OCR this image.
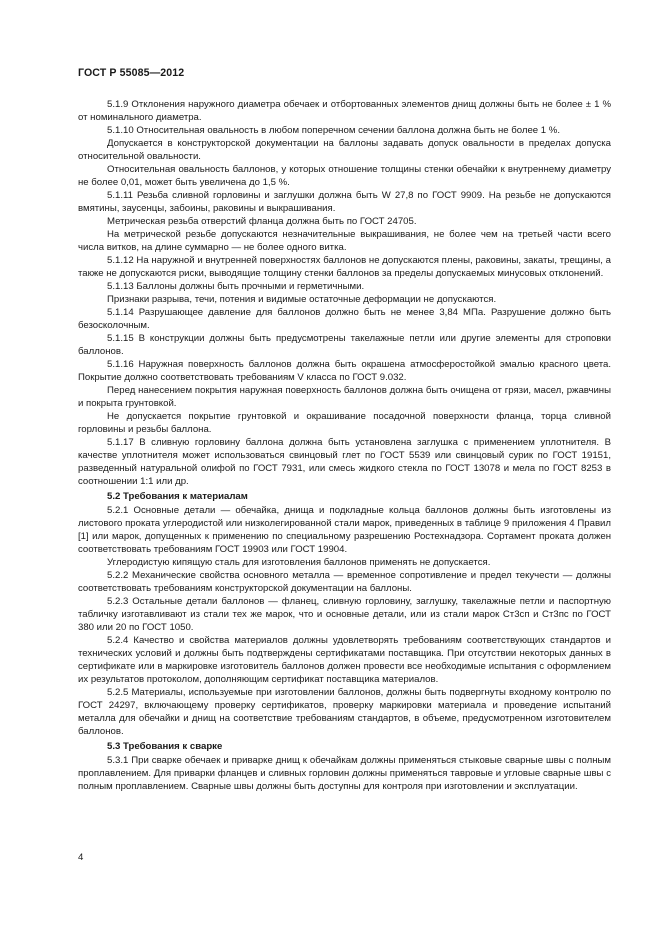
ГОСТ Р 55085—2012

5.1.9 Отклонения наружного диаметра обечаек и отбортованных элементов днищ должны быть не более ± 1 % от номинального диаметра.

5.1.10 Относительная овальность в любом поперечном сечении баллона должна быть не более 1 %.

Допускается в конструкторской документации на баллоны задавать допуск овальности в пределах допуска относительной овальности.

Относительная овальность баллонов, у которых отношение толщины стенки обечайки к внутреннему диаметру не более 0,01, может быть увеличена до 1,5 %.

5.1.11 Резьба сливной горловины и заглушки должна быть W 27,8 по ГОСТ 9909. На резьбе не допускаются вмятины, заусенцы, забоины, раковины и выкрашивания.

Метрическая резьба отверстий фланца должна быть по ГОСТ 24705.

На метрической резьбе допускаются незначительные выкрашивания, не более чем на третьей части всего числа витков, на длине суммарно — не более одного витка.

5.1.12 На наружной и внутренней поверхностях баллонов не допускаются плены, раковины, закаты, трещины, а также не допускаются риски, выводящие толщину стенки баллонов за пределы допускаемых минусовых отклонений.

5.1.13 Баллоны должны быть прочными и герметичными.

Признаки разрыва, течи, потения и видимые остаточные деформации не допускаются.

5.1.14 Разрушающее давление для баллонов должно быть не менее 3,84 МПа. Разрушение должно быть безосколочным.

5.1.15 В конструкции должны быть предусмотрены такелажные петли или другие элементы для строповки баллонов.

5.1.16 Наружная поверхность баллонов должна быть окрашена атмосферостойкой эмалью красного цвета. Покрытие должно соответствовать требованиям V класса по ГОСТ 9.032.

Перед нанесением покрытия наружная поверхность баллонов должна быть очищена от грязи, масел, ржавчины и покрыта грунтовкой.

Не допускается покрытие грунтовкой и окрашивание посадочной поверхности фланца, торца сливной горловины и резьбы баллона.

5.1.17 В сливную горловину баллона должна быть установлена заглушка с применением уплотнителя. В качестве уплотнителя может использоваться свинцовый глет по ГОСТ 5539 или свинцовый сурик по ГОСТ 19151, разведенный натуральной олифой по ГОСТ 7931, или смесь жидкого стекла по ГОСТ 13078 и мела по ГОСТ 8253 в соотношении 1:1 или др.

5.2 Требования к материалам

5.2.1 Основные детали — обечайка, днища и подкладные кольца баллонов должны быть изготовлены из листового проката углеродистой или низколегированной стали марок, приведенных в таблице 9 приложения 4 Правил [1] или марок, допущенных к применению по специальному разрешению Ростехнадзора. Сортамент проката должен соответствовать требованиям ГОСТ 19903 или ГОСТ 19904.

Углеродистую кипящую сталь для изготовления баллонов применять не допускается.

5.2.2 Механические свойства основного металла — временное сопротивление и предел текучести — должны соответствовать требованиям конструкторской документации на баллоны.

5.2.3 Остальные детали баллонов — фланец, сливную горловину, заглушку, такелажные петли и паспортную табличку изготавливают из стали тех же марок, что и основные детали, или из стали марок Ст3сп и Ст3пс по ГОСТ 380 или 20 по ГОСТ 1050.

5.2.4 Качество и свойства материалов должны удовлетворять требованиям соответствующих стандартов и технических условий и должны быть подтверждены сертификатами поставщика. При отсутствии некоторых данных в сертификате или в маркировке изготовитель баллонов должен провести все необходимые испытания с оформлением их результатов протоколом, дополняющим сертификат поставщика материалов.

5.2.5 Материалы, используемые при изготовлении баллонов, должны быть подвергнуты входному контролю по ГОСТ 24297, включающему проверку сертификатов, проверку маркировки материала и проведение испытаний металла для обечайки и днищ на соответствие требованиям стандартов, в объеме, предусмотренном изготовителем баллонов.

5.3 Требования к сварке

5.3.1 При сварке обечаек и приварке днищ к обечайкам должны применяться стыковые сварные швы с полным проплавлением. Для приварки фланцев и сливных горловин должны применяться тавровые и угловые сварные швы с полным проплавлением. Сварные швы должны быть доступны для контроля при изготовлении и эксплуатации.

4
